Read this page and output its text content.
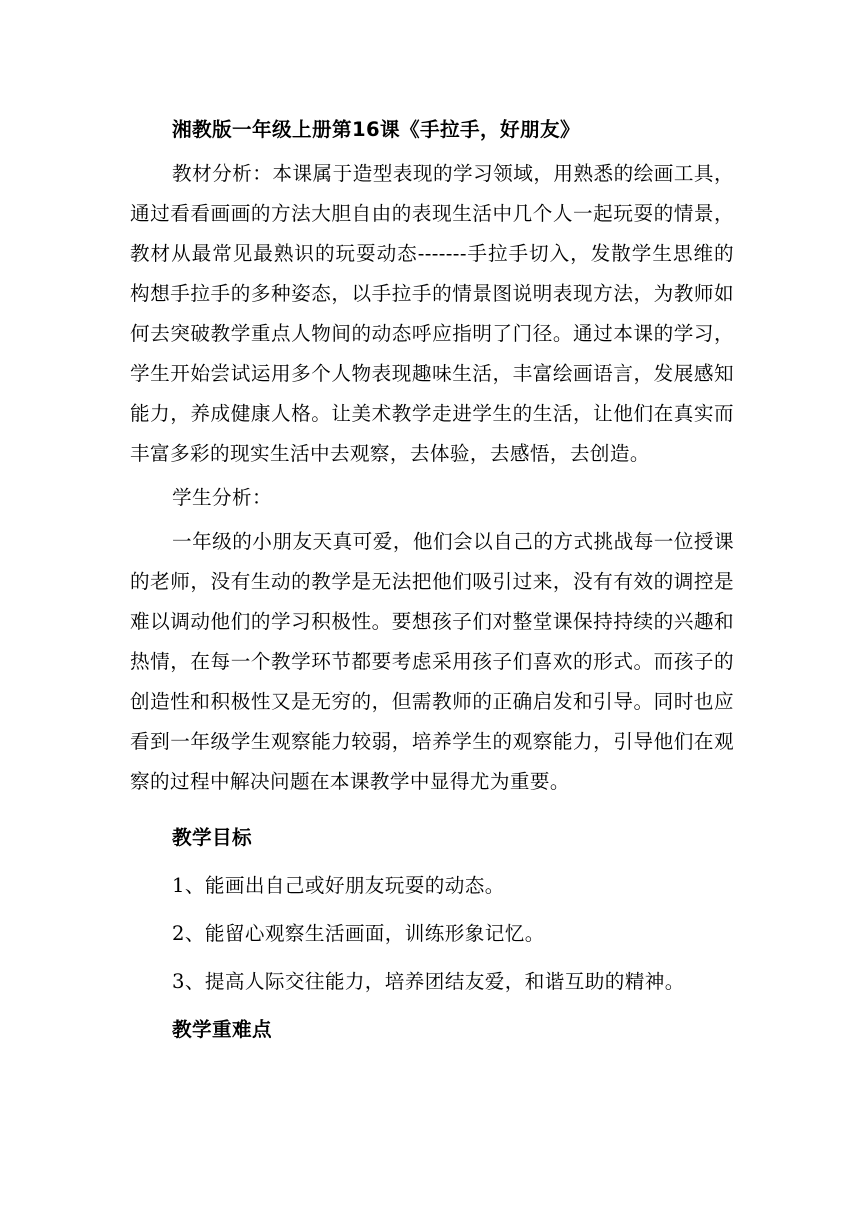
湘教版一年级上册第16课《手拉手，好朋友》

教材分析：本课属于造型表现的学习领域，用熟悉的绘画工具，通过看看画画的方法大胆自由的表现生活中几个人一起玩耍的情景，教材从最常见最熟识的玩耍动态-------手拉手切入，发散学生思维的构想手拉手的多种姿态，以手拉手的情景图说明表现方法，为教师如何去突破教学重点人物间的动态呼应指明了门径。通过本课的学习，学生开始尝试运用多个人物表现趣味生活，丰富绘画语言，发展感知能力，养成健康人格。让美术教学走进学生的生活，让他们在真实而丰富多彩的现实生活中去观察，去体验，去感悟，去创造。

学生分析：

一年级的小朋友天真可爱，他们会以自己的方式挑战每一位授课的老师，没有生动的教学是无法把他们吸引过来，没有有效的调控是难以调动他们的学习积极性。要想孩子们对整堂课保持持续的兴趣和热情，在每一个教学环节都要考虑采用孩子们喜欢的形式。而孩子的创造性和积极性又是无穷的，但需教师的正确启发和引导。同时也应看到一年级学生观察能力较弱，培养学生的观察能力，引导他们在观察的过程中解决问题在本课教学中显得尤为重要。

教学目标

1、能画出自己或好朋友玩耍的动态。

2、能留心观察生活画面，训练形象记忆。

3、提高人际交往能力，培养团结友爱，和谐互助的精神。

教学重难点
